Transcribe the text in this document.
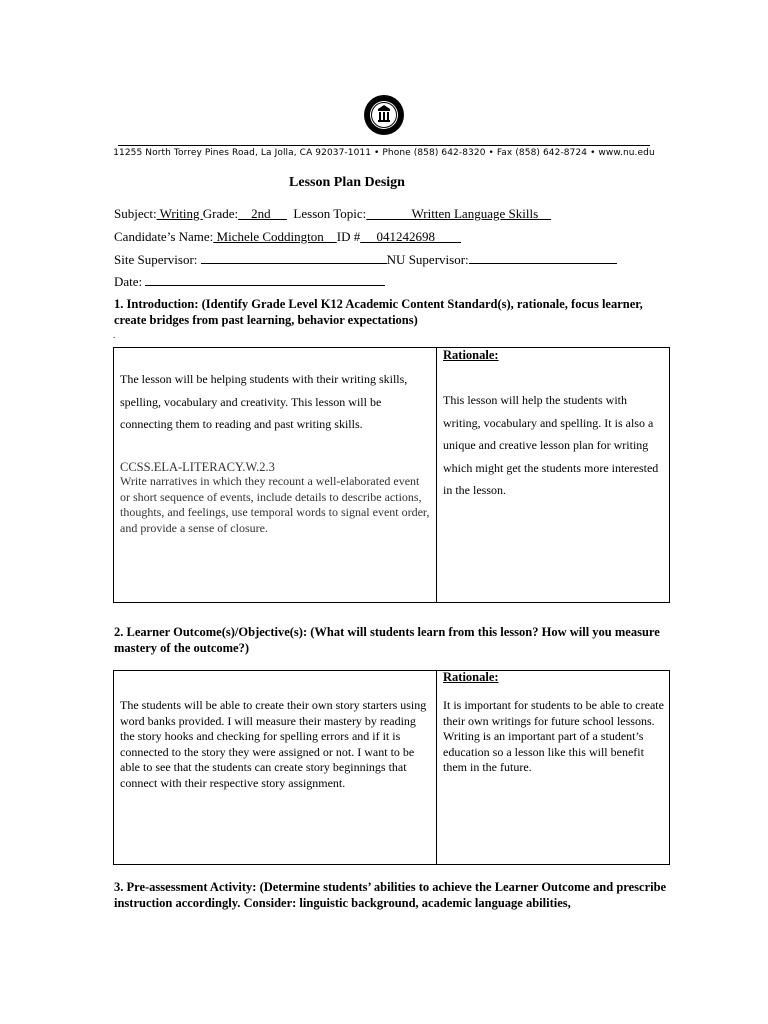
11255 North Torrey Pines Road, La Jolla, CA 92037-1011 • Phone (858) 642-8320 • Fax (858) 642-8724 • www.nu.edu
Lesson Plan Design
Subject: Writing Grade:    2nd       Lesson Topic:              Written Language Skills
Candidate’s Name: Michele Coddington    ID #     041242698
Site Supervisor:	NU Supervisor:
Date:
1. Introduction: (Identify Grade Level K12 Academic Content Standard(s), rationale, focus learner, create bridges from past learning, behavior expectations)
.
The lesson will be helping students with their writing skills, spelling, vocabulary and creativity. This lesson will be connecting them to reading and past writing skills.
CCSS.ELA-LITERACY.W.2.3
Write narratives in which they recount a well-elaborated event or short sequence of events, include details to describe actions, thoughts, and feelings, use temporal words to signal event order, and provide a sense of closure.
Rationale:
This lesson will help the students with writing, vocabulary and spelling. It is also a unique and creative lesson plan for writing which might get the students more interested in the lesson.
2. Learner Outcome(s)/Objective(s): (What will students learn from this lesson? How will you measure mastery of the outcome?)
The students will be able to create their own story starters using word banks provided. I will measure their mastery by reading the story hooks and checking for spelling errors and if it is connected to the story they were assigned or not. I want to be able to see that the students can create story beginnings that connect with their respective story assignment.
Rationale:
It is important for students to be able to create their own writings for future school lessons. Writing is an important part of a student’s education so a lesson like this will benefit them in the future.
3. Pre-assessment Activity: (Determine students’ abilities to achieve the Learner Outcome and prescribe instruction accordingly. Consider: linguistic background, academic language abilities,
